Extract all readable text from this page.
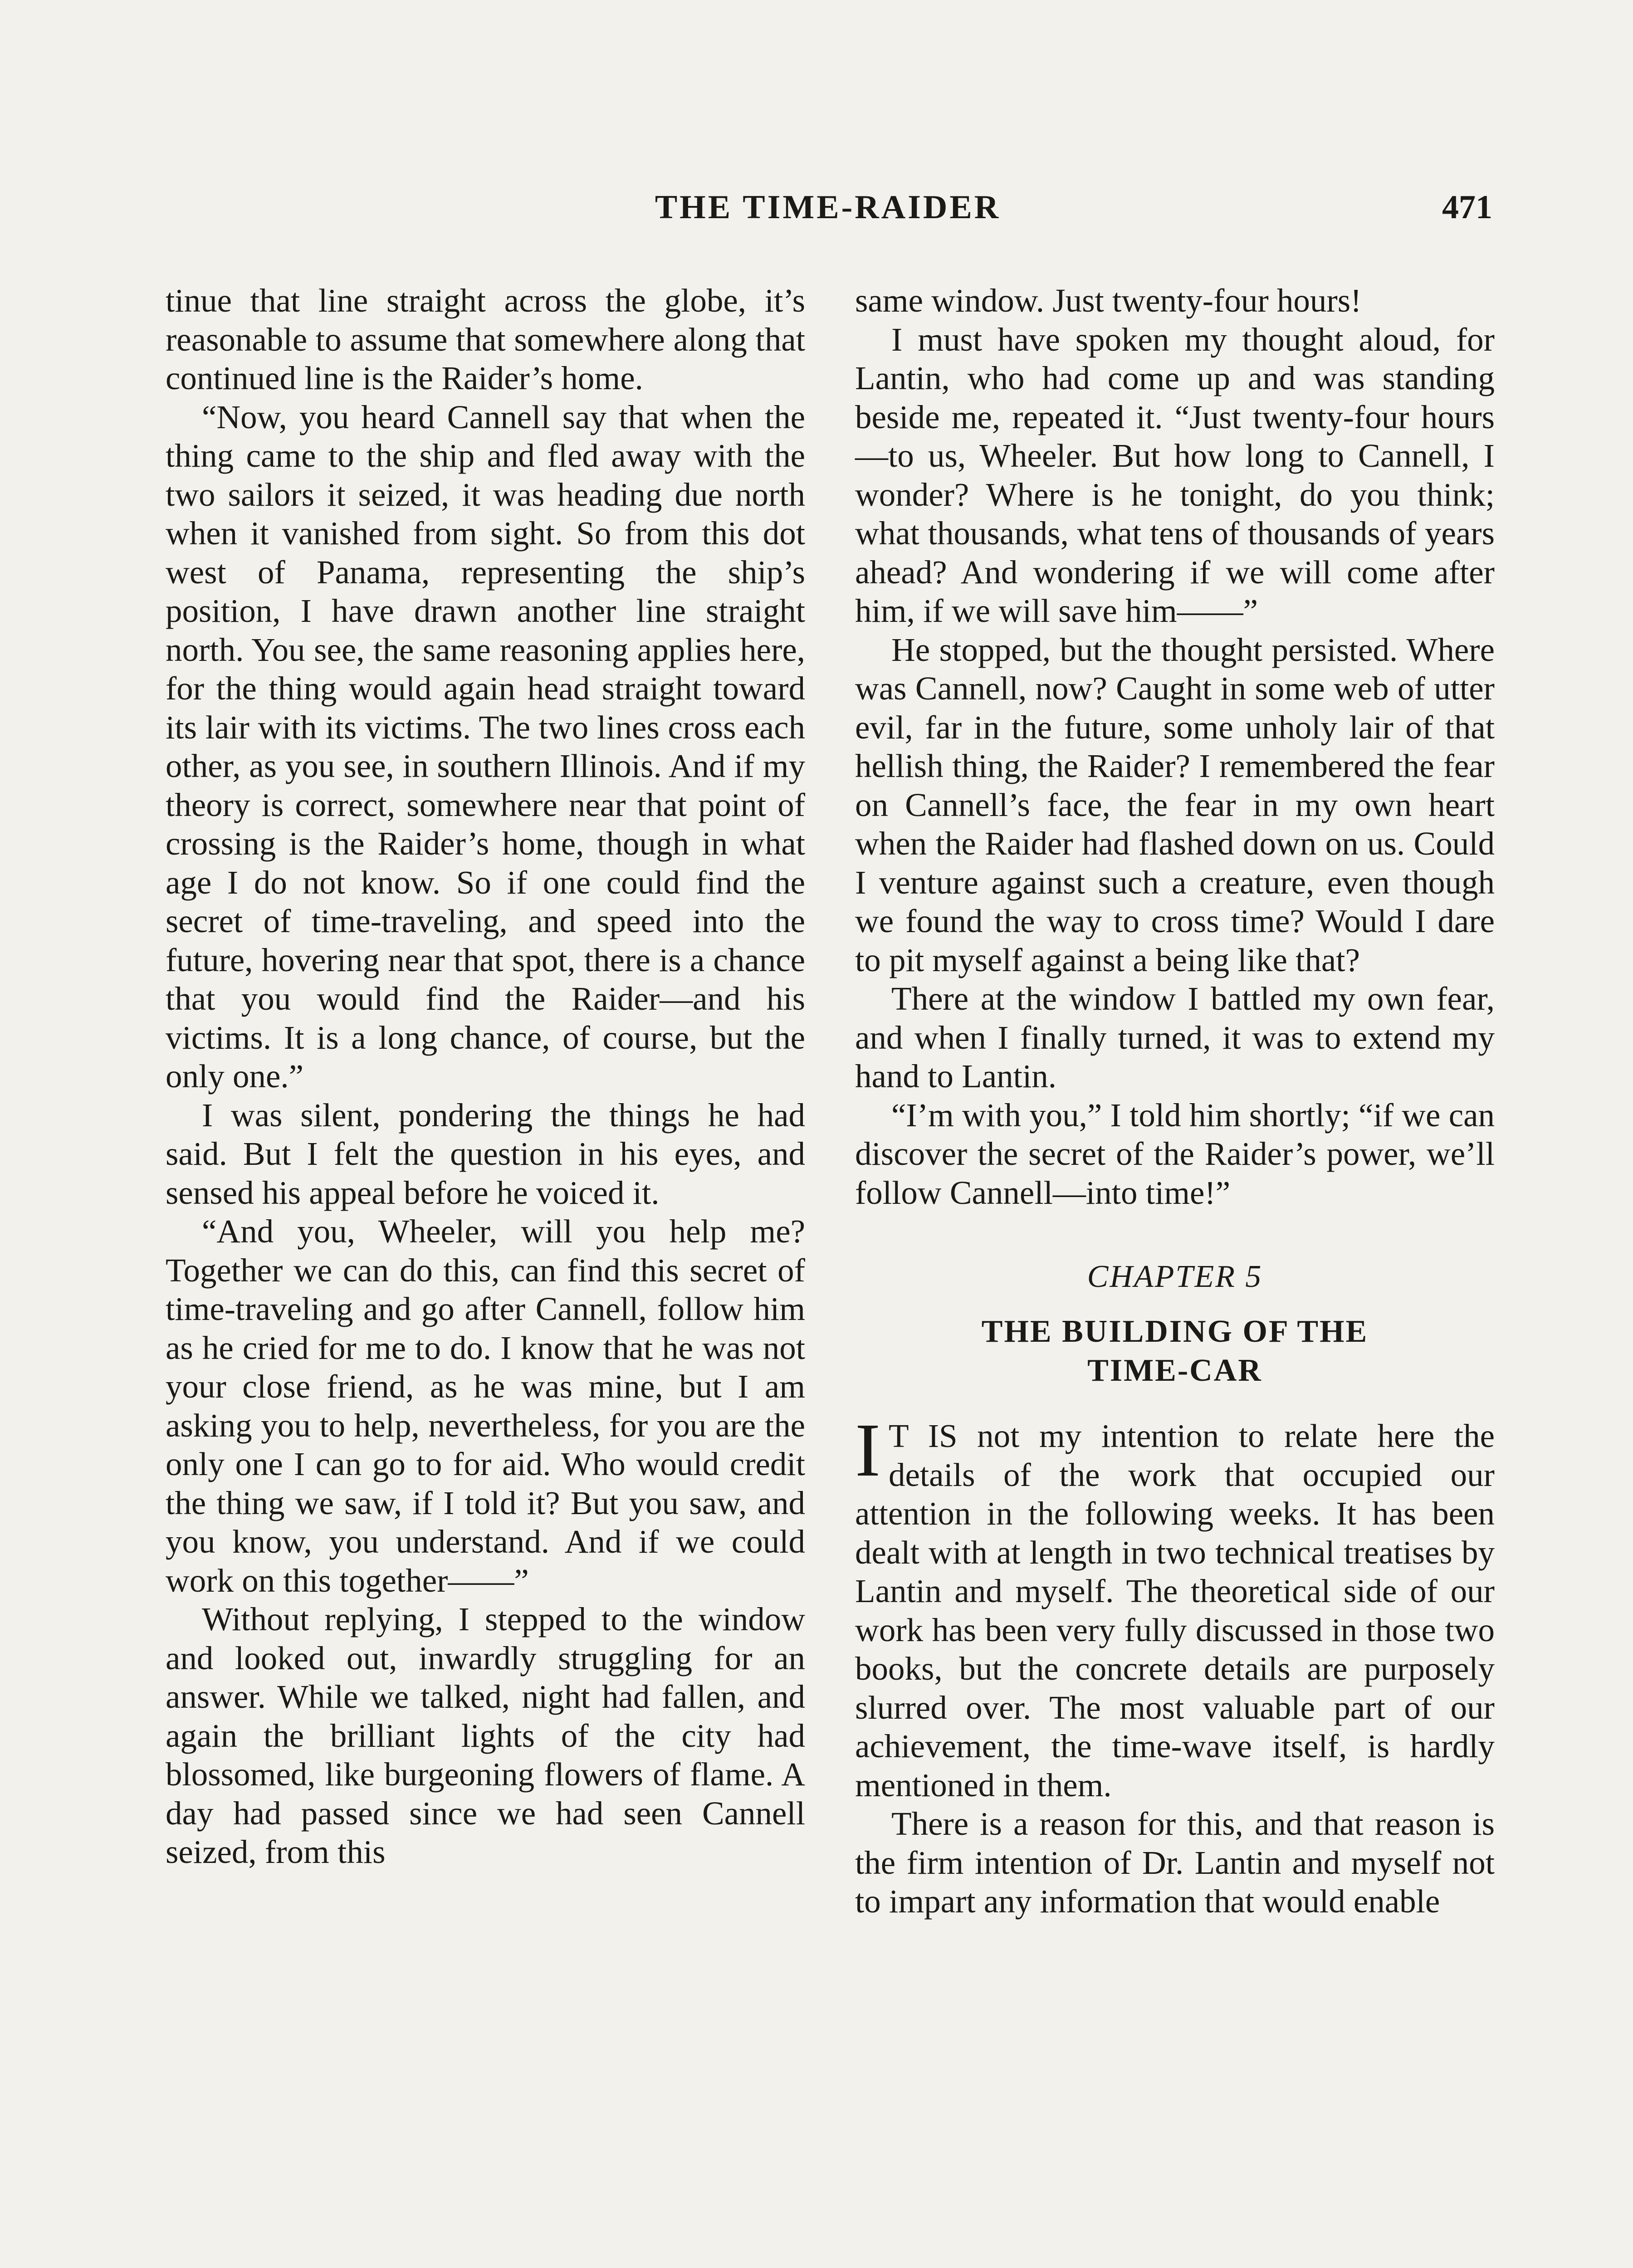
THE TIME-RAIDER	471

tinue that line straight across the globe, it’s reasonable to assume that somewhere along that continued line is the Raider’s home.

“Now, you heard Cannell say that when the thing came to the ship and fled away with the two sailors it seized, it was heading due north when it vanished from sight. So from this dot west of Panama, representing the ship’s position, I have drawn another line straight north. You see, the same reasoning applies here, for the thing would again head straight toward its lair with its victims. The two lines cross each other, as you see, in southern Illinois. And if my theory is correct, somewhere near that point of crossing is the Raider’s home, though in what age I do not know. So if one could find the secret of time-traveling, and speed into the future, hovering near that spot, there is a chance that you would find the Raider—and his victims. It is a long chance, of course, but the only one.”

I was silent, pondering the things he had said. But I felt the question in his eyes, and sensed his appeal before he voiced it.

“And you, Wheeler, will you help me? Together we can do this, can find this secret of time-traveling and go after Cannell, follow him as he cried for me to do. I know that he was not your close friend, as he was mine, but I am asking you to help, nevertheless, for you are the only one I can go to for aid. Who would credit the thing we saw, if I told it? But you saw, and you know, you understand. And if we could work on this together——”

Without replying, I stepped to the window and looked out, inwardly struggling for an answer. While we talked, night had fallen, and again the brilliant lights of the city had blossomed, like burgeoning flowers of flame. A day had passed since we had seen Cannell seized, from this

same window. Just twenty-four hours!

I must have spoken my thought aloud, for Lantin, who had come up and was standing beside me, repeated it. “Just twenty-four hours—to us, Wheeler. But how long to Cannell, I wonder? Where is he tonight, do you think; what thousands, what tens of thousands of years ahead? And wondering if we will come after him, if we will save him——”

He stopped, but the thought persisted. Where was Cannell, now? Caught in some web of utter evil, far in the future, some unholy lair of that hellish thing, the Raider? I remembered the fear on Cannell’s face, the fear in my own heart when the Raider had flashed down on us. Could I venture against such a creature, even though we found the way to cross time? Would I dare to pit myself against a being like that?

There at the window I battled my own fear, and when I finally turned, it was to extend my hand to Lantin.

“I’m with you,” I told him shortly; “if we can discover the secret of the Raider’s power, we’ll follow Cannell—into time!”

CHAPTER 5
THE BUILDING OF THE
TIME-CAR

I T IS not my intention to relate here the details of the work that occupied our attention in the following weeks. It has been dealt with at length in two technical treatises by Lantin and myself. The theoretical side of our work has been very fully discussed in those two books, but the concrete details are purposely slurred over. The most valuable part of our achievement, the time-wave itself, is hardly mentioned in them.

There is a reason for this, and that reason is the firm intention of Dr. Lantin and myself not to impart any information that would enable
